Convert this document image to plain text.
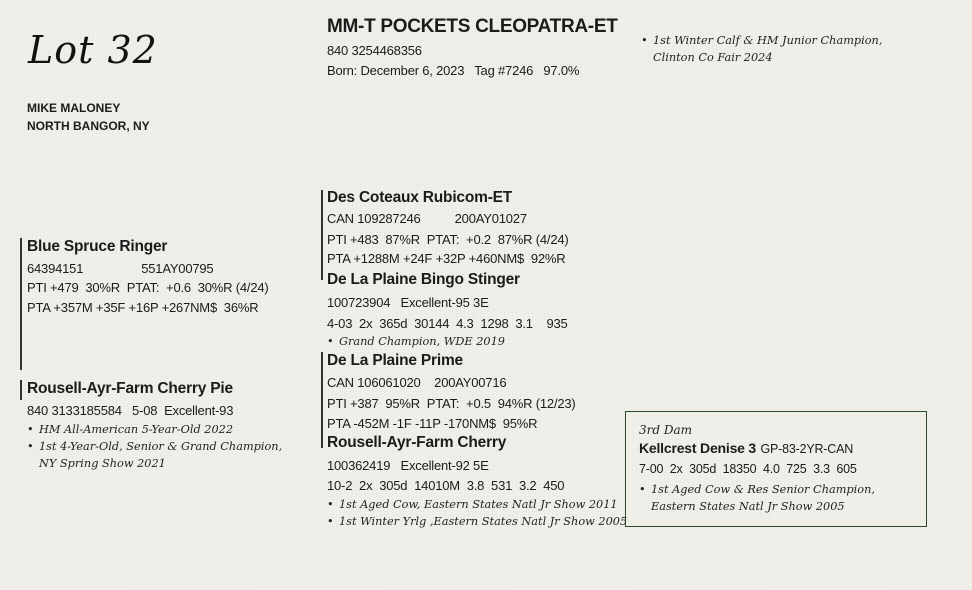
Lot 32
MIKE MALONEY
NORTH BANGOR, NY
MM-T POCKETS CLEOPATRA-ET
840 3254468356
Born: December 6, 2023   Tag #7246   97.0%
• 1st Winter Calf & HM Junior Champion,
Clinton Co Fair 2024
Blue Spruce Ringer
64394151                 551AY00795
PTI +479  30%R  PTAT:  +0.6  30%R (4/24)
PTA +357M +35F +16P +267NM$  36%R
Rousell-Ayr-Farm Cherry Pie
840 3133185584   5-08  Excellent-93
• HM All-American 5-Year-Old 2022
• 1st 4-Year-Old, Senior & Grand Champion,
NY Spring Show 2021
Des Coteaux Rubicom-ET
CAN 109287246          200AY01027
PTI +483  87%R  PTAT:  +0.2  87%R (4/24)
PTA +1288M +24F +32P +460NM$  92%R
De La Plaine Bingo Stinger
100723904   Excellent-95 3E
4-03  2x  365d  30144  4.3  1298  3.1    935
• Grand Champion, WDE 2019
De La Plaine Prime
CAN 106061020    200AY00716
PTI +387  95%R  PTAT:  +0.5  94%R (12/23)
PTA -452M -1F -11P -170NM$  95%R
Rousell-Ayr-Farm Cherry
100362419   Excellent-92 5E
10-2  2x  305d  14010M  3.8  531  3.2  450
• 1st Aged Cow, Eastern States Natl Jr Show 2011
• 1st Winter Yrlg ,Eastern States Natl Jr Show 2005
3rd Dam
Kellcrest Denise 3 GP-83-2YR-CAN
7-00  2x  305d  18350  4.0  725  3.3  605
• 1st Aged Cow & Res Senior Champion,
Eastern States Natl Jr Show 2005
